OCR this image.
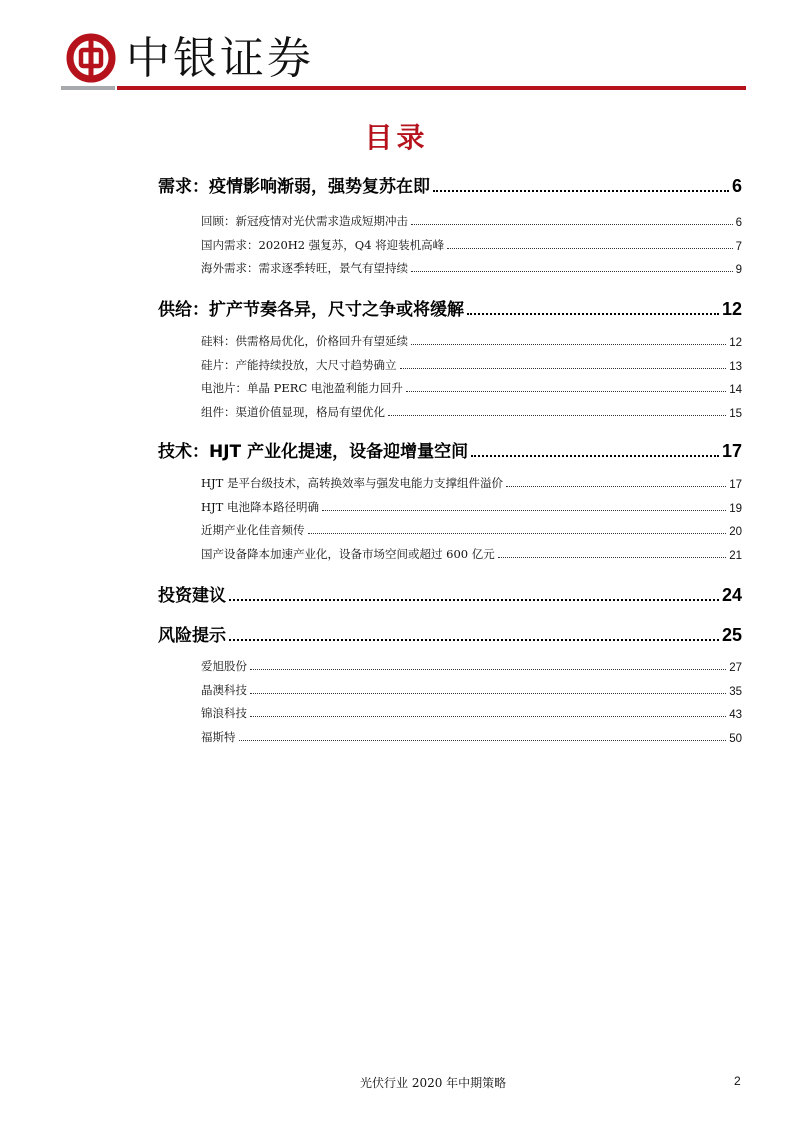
中银证券
目录
需求：疫情影响渐弱，强势复苏在即	6
回顾：新冠疫情对光伏需求造成短期冲击	6
国内需求：2020H2 强复苏，Q4 将迎装机高峰	7
海外需求：需求逐季转旺，景气有望持续	9
供给：扩产节奏各异，尺寸之争或将缓解	12
硅料：供需格局优化，价格回升有望延续	12
硅片：产能持续投放，大尺寸趋势确立	13
电池片：单晶 PERC 电池盈利能力回升	14
组件：渠道价值显现，格局有望优化	15
技术：HJT 产业化提速，设备迎增量空间	17
HJT 是平台级技术，高转换效率与强发电能力支撑组件溢价	17
HJT 电池降本路径明确	19
近期产业化佳音频传	20
国产设备降本加速产业化，设备市场空间或超过 600 亿元	21
投资建议	24
风险提示	25
爱旭股份	27
晶澳科技	35
锦浪科技	43
福斯特	50
光伏行业 2020 年中期策略	2
